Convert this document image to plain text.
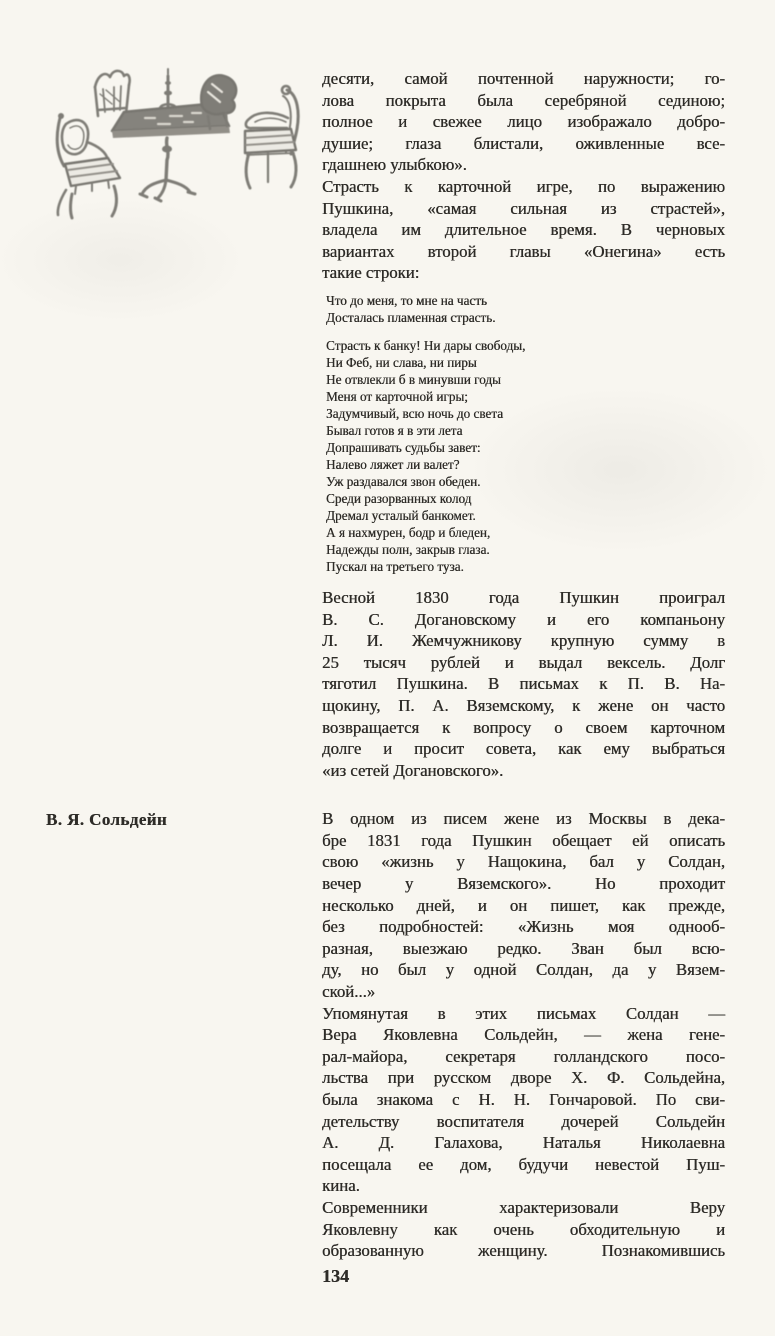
В. Я. Сольдейн
десяти, самой почтенной наружности; го-
лова покрыта была серебряной сединою;
полное и свежее лицо изображало добро-
душие; глаза блистали, оживленные все-
гдашнею улыбкою».
Страсть к карточной игре, по выражению
Пушкина, «самая сильная из страстей»,
владела им длительное время. В черновых
вариантах второй главы «Онегина» есть
такие строки:
Что до меня, то мне на часть
Досталась пламенная страсть.
Страсть к банку! Ни дары свободы,
Ни Феб, ни слава, ни пиры
Не отвлекли б в минувши годы
Меня от карточной игры;
Задумчивый, всю ночь до света
Бывал готов я в эти лета
Допрашивать судьбы завет:
Налево ляжет ли валет?
Уж раздавался звон обеден.
Среди разорванных колод
Дремал усталый банкомет.
А я нахмурен, бодр и бледен,
Надежды полн, закрыв глаза.
Пускал на третьего туза.
Весной 1830 года Пушкин проиграл
В. С. Догановскому и его компаньону
Л. И. Жемчужникову крупную сумму в
25 тысяч рублей и выдал вексель. Долг
тяготил Пушкина. В письмах к П. В. На-
щокину, П. А. Вяземскому, к жене он часто
возвращается к вопросу о своем карточном
долге и просит совета, как ему выбраться
«из сетей Догановского».
В одном из писем жене из Москвы в дека-
бре 1831 года Пушкин обещает ей описать
свою «жизнь у Нащокина, бал у Солдан,
вечер у Вяземского». Но проходит
несколько дней, и он пишет, как прежде,
без подробностей: «Жизнь моя однооб-
разная, выезжаю редко. Зван был всю-
ду, но был у одной Солдан, да у Вязем-
ской...»
Упомянутая в этих письмах Солдан —
Вера Яковлевна Сольдейн, — жена гене-
рал-майора, секретаря голландского посо-
льства при русском дворе Х. Ф. Сольдейна,
была знакома с Н. Н. Гончаровой. По сви-
детельству воспитателя дочерей Сольдейн
А. Д. Галахова, Наталья Николаевна
посещала ее дом, будучи невестой Пуш-
кина.
Современники характеризовали Веру
Яковлевну как очень обходительную и
образованную женщину. Познакомившись
134
